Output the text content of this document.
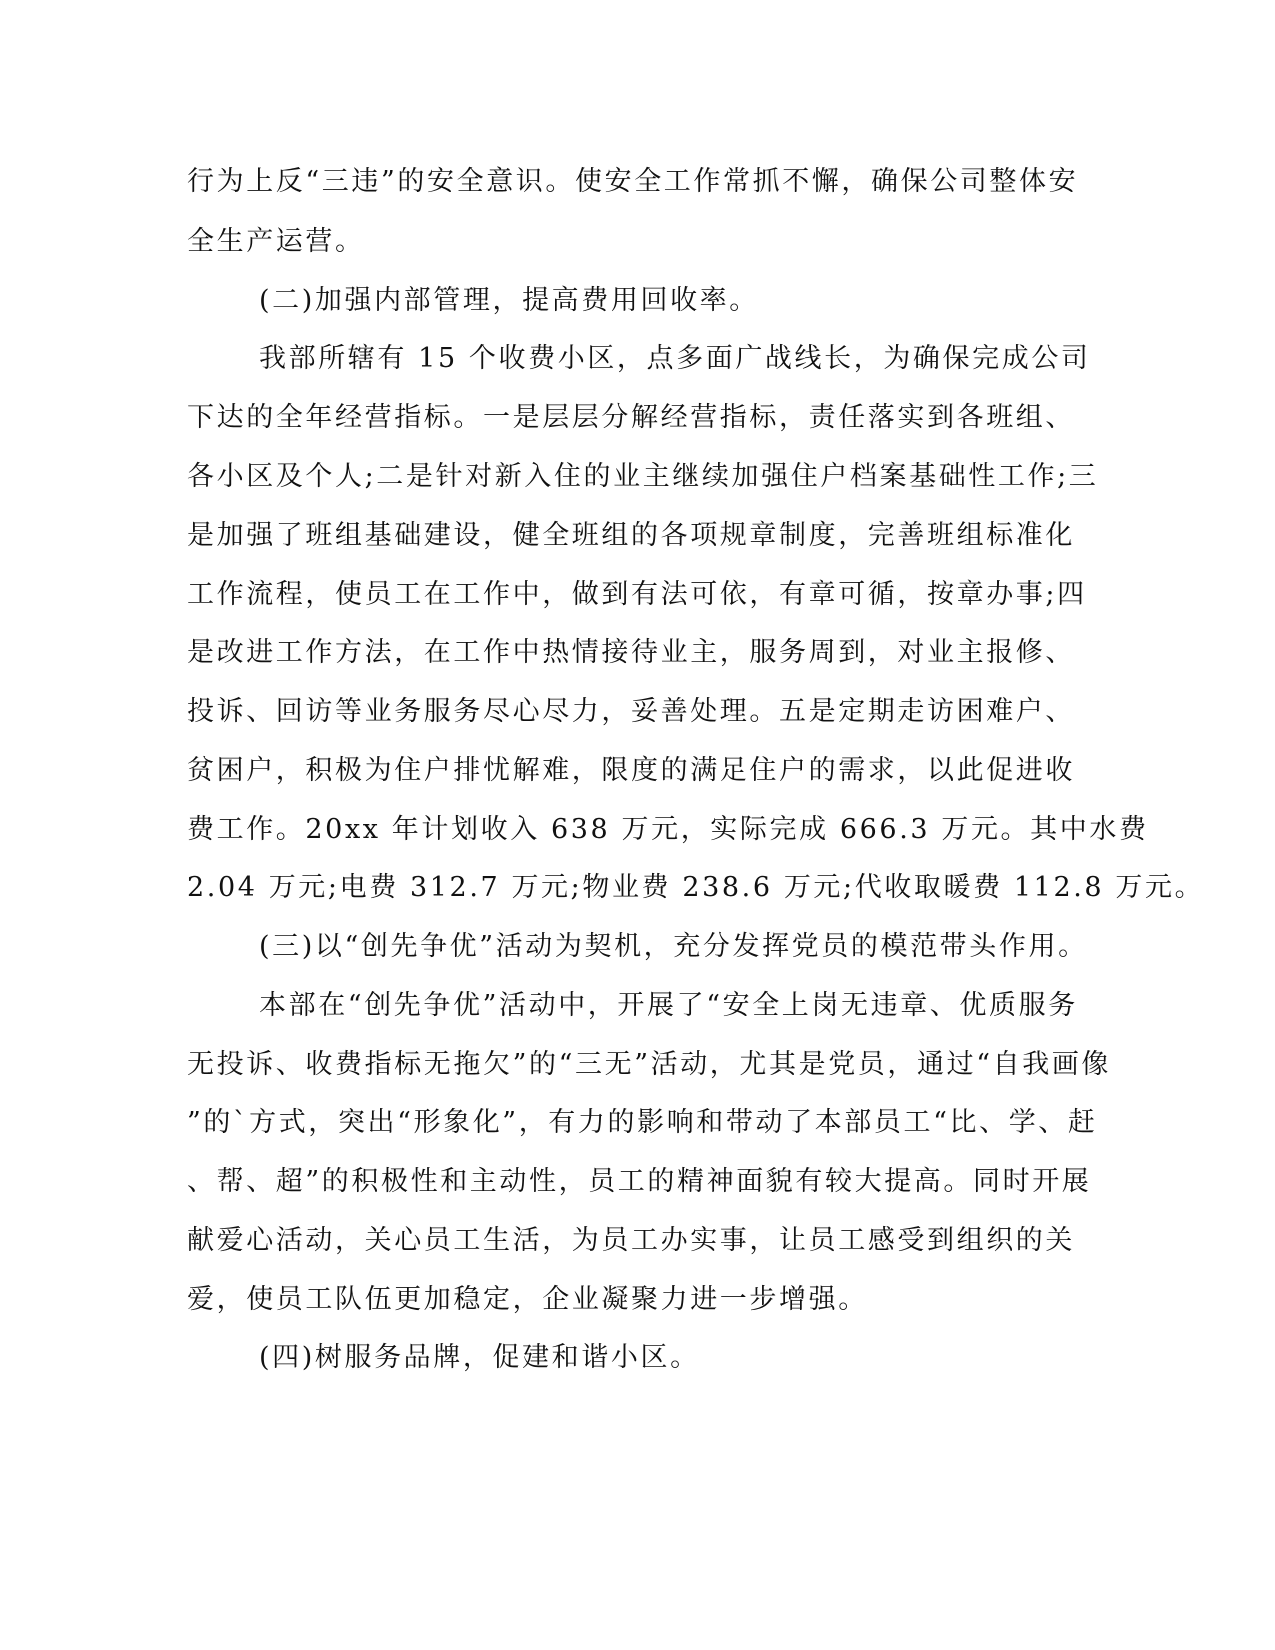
行为上反“三违”的安全意识。使安全工作常抓不懈，确保公司整体安

全生产运营。

(二)加强内部管理，提高费用回收率。

我部所辖有 15 个收费小区，点多面广战线长，为确保完成公司

下达的全年经营指标。一是层层分解经营指标，责任落实到各班组、

各小区及个人;二是针对新入住的业主继续加强住户档案基础性工作;三

是加强了班组基础建设，健全班组的各项规章制度，完善班组标准化

工作流程，使员工在工作中，做到有法可依，有章可循，按章办事;四

是改进工作方法，在工作中热情接待业主，服务周到，对业主报修、

投诉、回访等业务服务尽心尽力，妥善处理。五是定期走访困难户、

贫困户，积极为住户排忧解难，限度的满足住户的需求，以此促进收

费工作。20xx 年计划收入 638 万元，实际完成 666.3 万元。其中水费

2.04 万元;电费 312.7 万元;物业费 238.6 万元;代收取暖费 112.8 万元。

(三)以“创先争优”活动为契机，充分发挥党员的模范带头作用。

本部在“创先争优”活动中，开展了“安全上岗无违章、优质服务

无投诉、收费指标无拖欠”的“三无”活动，尤其是党员，通过“自我画像

”的`方式，突出“形象化”，有力的影响和带动了本部员工“比、学、赶

、帮、超”的积极性和主动性，员工的精神面貌有较大提高。同时开展

献爱心活动，关心员工生活，为员工办实事，让员工感受到组织的关

爱，使员工队伍更加稳定，企业凝聚力进一步增强。

(四)树服务品牌，促建和谐小区。
